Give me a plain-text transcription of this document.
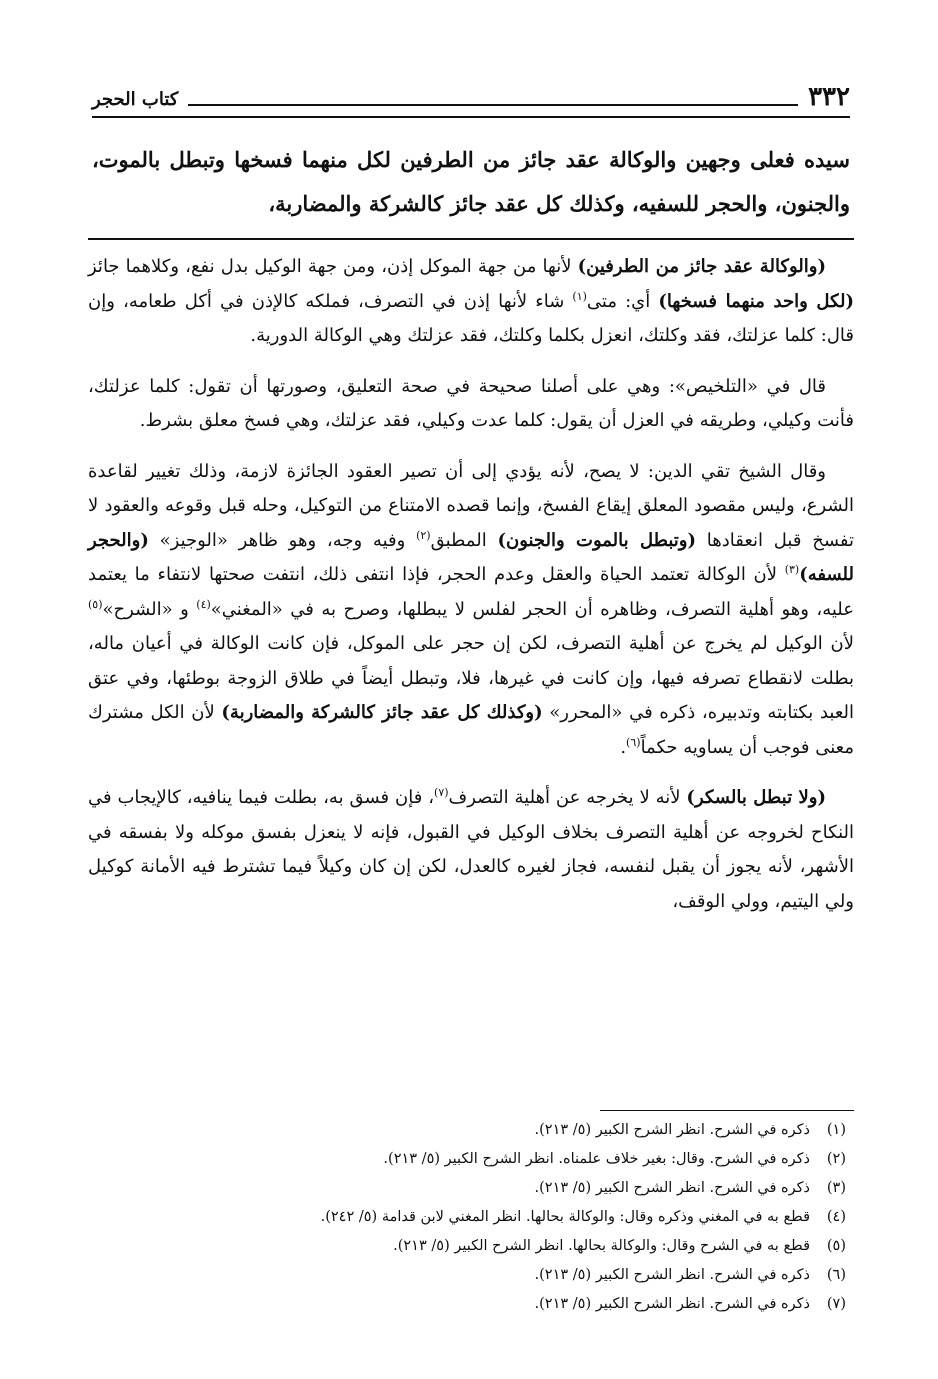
٣٣٢
كتاب الحجر
سيده فعلى وجهين والوكالة عقد جائز من الطرفين لكل منهما فسخها وتبطل بالموت، والجنون، والحجر للسفيه، وكذلك كل عقد جائز كالشركة والمضاربة،

(والوكالة عقد جائز من الطرفين) لأنها من جهة الموكل إذن، ومن جهة الوكيل بدل نفع، وكلاهما جائز (لكل واحد منهما فسخها) أي: متى$^{(١)}$ شاء لأنها إذن في التصرف، فملكه كالإذن في أكل طعامه، وإن قال: كلما عزلتك، فقد وكلتك، انعزل بكلما وكلتك، فقد عزلتك وهي الوكالة الدورية.

قال في «التلخيص»: وهي على أصلنا صحيحة في صحة التعليق، وصورتها أن تقول: كلما عزلتك، فأنت وكيلي، وطريقه في العزل أن يقول: كلما عدت وكيلي، فقد عزلتك، وهي فسخ معلق بشرط.

وقال الشيخ تقي الدين: لا يصح، لأنه يؤدي إلى أن تصير العقود الجائزة لازمة، وذلك تغيير لقاعدة الشرع، وليس مقصود المعلق إيقاع الفسخ، وإنما قصده الامتناع من التوكيل، وحله قبل وقوعه والعقود لا تفسخ قبل انعقادها (وتبطل بالموت والجنون) المطبق$^{(٢)}$ وفيه وجه، وهو ظاهر «الوجيز» (والحجر للسفه)$^{(٣)}$ لأن الوكالة تعتمد الحياة والعقل وعدم الحجر، فإذا انتفى ذلك، انتفت صحتها لانتفاء ما يعتمد عليه، وهو أهلية التصرف، وظاهره أن الحجر لفلس لا يبطلها، وصرح به في «المغني»$^{(٤)}$ و «الشرح»$^{(٥)}$ لأن الوكيل لم يخرج عن أهلية التصرف، لكن إن حجر على الموكل، فإن كانت الوكالة في أعيان ماله، بطلت لانقطاع تصرفه فيها، وإن كانت في غيرها، فلا، وتبطل أيضاً في طلاق الزوجة بوطئها، وفي عتق العبد بكتابته وتدبيره، ذكره في «المحرر» (وكذلك كل عقد جائز كالشركة والمضاربة) لأن الكل مشترك معنى فوجب أن يساويه حكماً$^{(٦)}$.

(ولا تبطل بالسكر) لأنه لا يخرجه عن أهلية التصرف$^{(٧)}$، فإن فسق به، بطلت فيما ينافيه، كالإيجاب في النكاح لخروجه عن أهلية التصرف بخلاف الوكيل في القبول، فإنه لا ينعزل بفسق موكله ولا بفسقه في الأشهر، لأنه يجوز أن يقبل لنفسه، فجاز لغيره كالعدل، لكن إن كان وكيلاً فيما تشترط فيه الأمانة كوكيل ولي اليتيم، وولي الوقف،

(١)
ذكره في الشرح. انظر الشرح الكبير (٥/ ٢١٣).
(٢)
ذكره في الشرح. وقال: بغير خلاف علمناه. انظر الشرح الكبير (٥/ ٢١٣).
(٣)
ذكره في الشرح. انظر الشرح الكبير (٥/ ٢١٣).
(٤)
قطع به في المغني وذكره وقال: والوكالة بحالها. انظر المغني لابن قدامة (٥/ ٢٤٢).
(٥)
قطع به في الشرح وقال: والوكالة بحالها. انظر الشرح الكبير (٥/ ٢١٣).
(٦)
ذكره في الشرح. انظر الشرح الكبير (٥/ ٢١٣).
(٧)
ذكره في الشرح. انظر الشرح الكبير (٥/ ٢١٣).
